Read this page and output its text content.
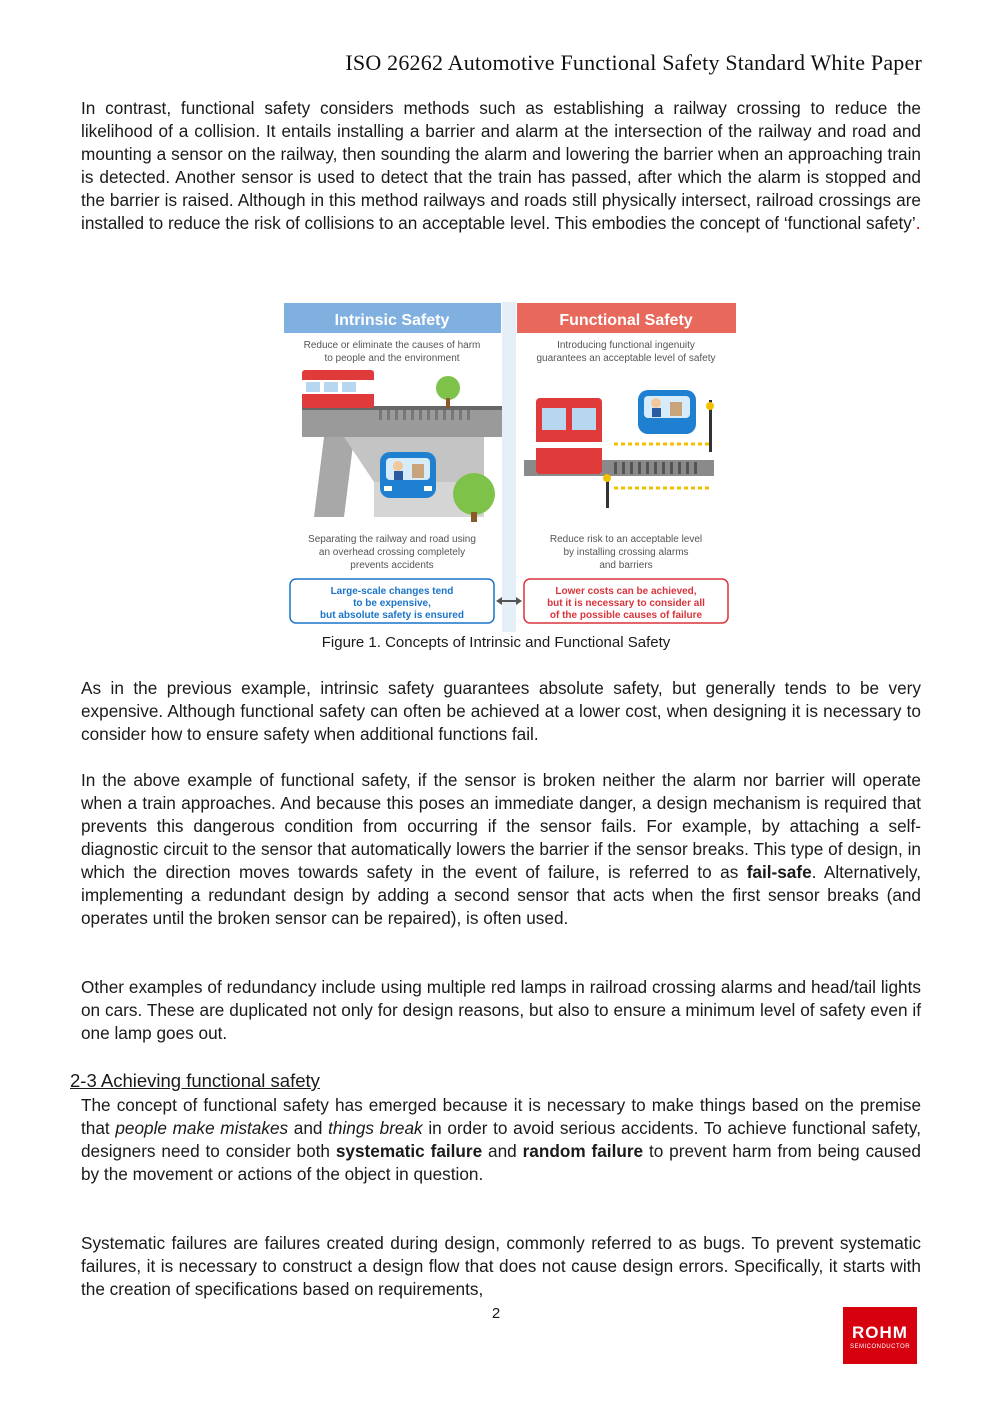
ISO 26262 Automotive Functional Safety Standard White Paper

In contrast, functional safety considers methods such as establishing a railway crossing to reduce the likelihood of a collision. It entails installing a barrier and alarm at the intersection of the railway and road and mounting a sensor on the railway, then sounding the alarm and lowering the barrier when an approaching train is detected. Another sensor is used to detect that the train has passed, after which the alarm is stopped and the barrier is raised. Although in this method railways and roads still physically intersect, railroad crossings are installed to reduce the risk of collisions to an acceptable level. This embodies the concept of ‘functional safety’.

Intrinsic Safety	Functional Safety
Reduce or eliminate the causes of harm
to people and the environment
Introducing functional ingenuity
guarantees an acceptable level of safety
Separating the railway and road using
an overhead crossing completely
prevents accidents
Reduce risk to an acceptable level
by installing crossing alarms
and barriers
Large-scale changes tend
to be expensive,
but absolute safety is ensured
Lower costs can be achieved,
but it is necessary to consider all
of the possible causes of failure
Figure 1. Concepts of Intrinsic and Functional Safety

As in the previous example, intrinsic safety guarantees absolute safety, but generally tends to be very expensive. Although functional safety can often be achieved at a lower cost, when designing it is necessary to consider how to ensure safety when additional functions fail.

In the above example of functional safety, if the sensor is broken neither the alarm nor barrier will operate when a train approaches. And because this poses an immediate danger, a design mechanism is required that prevents this dangerous condition from occurring if the sensor fails. For example, by attaching a self-diagnostic circuit to the sensor that automatically lowers the barrier if the sensor breaks. This type of design, in which the direction moves towards safety in the event of failure, is referred to as fail-safe. Alternatively, implementing a redundant design by adding a second sensor that acts when the first sensor breaks (and operates until the broken sensor can be repaired), is often used.

Other examples of redundancy include using multiple red lamps in railroad crossing alarms and head/tail lights on cars. These are duplicated not only for design reasons, but also to ensure a minimum level of safety even if one lamp goes out.

2-3 Achieving functional safety

The concept of functional safety has emerged because it is necessary to make things based on the premise that people make mistakes and things break in order to avoid serious accidents. To achieve functional safety, designers need to consider both systematic failure and random failure to prevent harm from being caused by the movement or actions of the object in question.

Systematic failures are failures created during design, commonly referred to as bugs. To prevent systematic failures, it is necessary to construct a design flow that does not cause design errors. Specifically, it starts with the creation of specifications based on requirements,

2
ROHM
SEMICONDUCTOR
